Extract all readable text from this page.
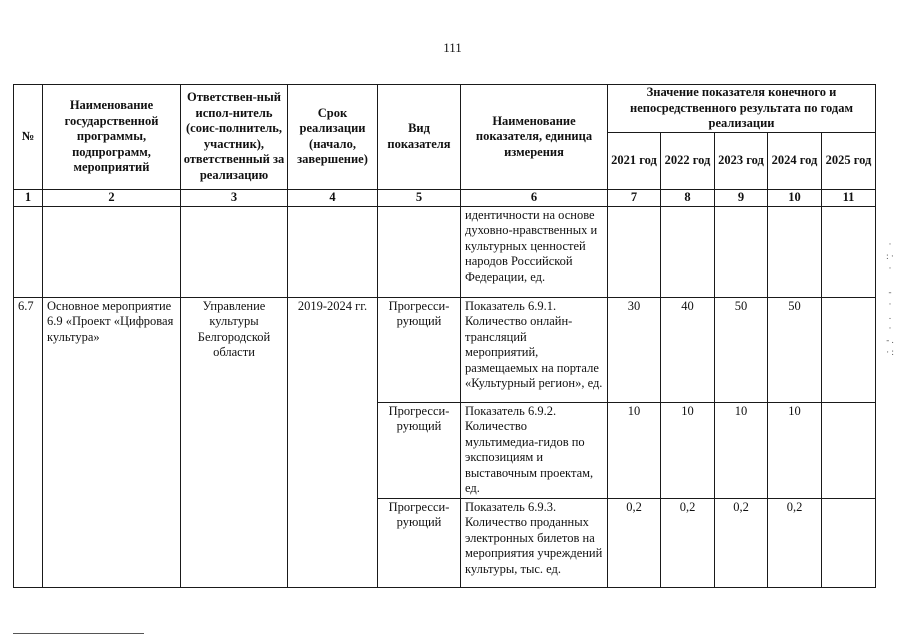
111
№	Наименование государственной программы, подпрограмм, мероприятий	Ответствен-ный испол-нитель (соис-полнитель, участник), ответственный за реализацию	Срок реализации (начало, завершение)	Вид показателя	Наименование показателя, единица измерения	Значение показателя конечного и непосредственного результата по годам реализации				
						2021 год	2022 год	2023 год	2024 год	2025 год
1	2	3	4	5	6	7	8	9	10	11
					идентичности на основе духовно-нравственных и культурных ценностей народов Российской Федерации, ед.					
6.7	Основное мероприятие 6.9 «Проект «Цифровая культура»	Управление культуры Белгородской области	2019-2024 гг.	Прогресси-рующий	Показатель 6.9.1. Количество онлайн-трансляций мероприятий, размещаемых на портале «Культурный регион», ед.	30	40	50	50	
				Прогресси-рующий	Показатель 6.9.2. Количество мультимедиа-гидов по экспозициям и выставочным проектам, ед.	10	10	10	10	
				Прогресси-рующий	Показатель 6.9.3. Количество проданных электронных билетов на мероприятия учреждений культуры, тыс. ед.	0,2	0,2	0,2	0,2	
·
: ·
·

-
·
.
·
- .
· :
